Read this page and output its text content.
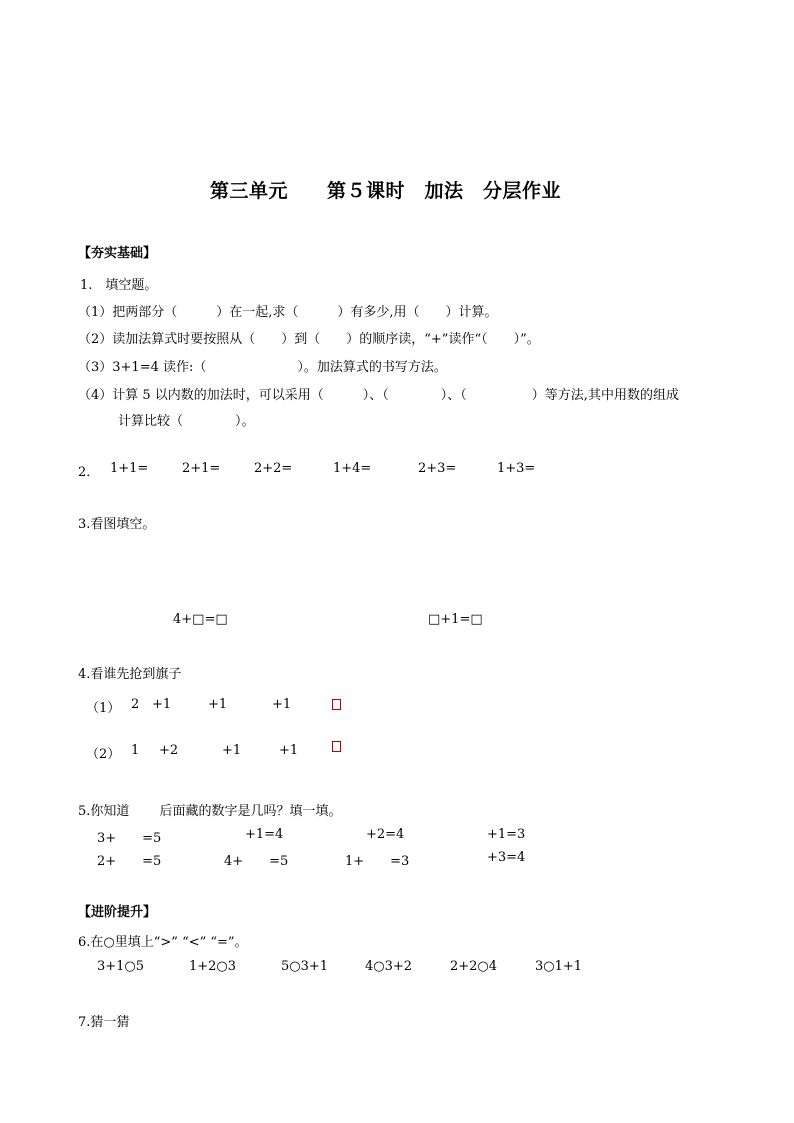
第三单元　　第５课时　加法　分层作业
【夯实基础】
1.　填空题。
（1）把两部分（　　　）在一起,求（　　　）有多少,用（　　）计算。
（2）读加法算式时要按照从（　　）到（　　）的顺序读，“+”读作“（　　）”。
（3）3+1=4 读作:（　　　　　　　）。加法算式的书写方法。
（4）计算 5 以内数的加法时，可以采用（　　　）、（　　　　）、（　　　　　）等方法,其中用数的组成
计算比较（　　　　）。
2． 1+1=	2+1=	2+2=	1+4=	2+3=	1+3=
3.看图填空。
4+□=□	□+1=□
4.看谁先抢到旗子
（1） 2 +1	+1	+1
（2） 1 +2	+1	+1
5.你知道　　 后面藏的数字是几吗？填一填。
3+　　=5	+1=4	+2=4	+1=3
2+　　=5	4+　　=5	1+　　=3	+3=4
【进阶提升】
6.在○里填上“>” “<” “=”。
3+1○5	1+2○3	5○3+1	4○3+2	2+2○4	3○1+1
7.猜一猜
